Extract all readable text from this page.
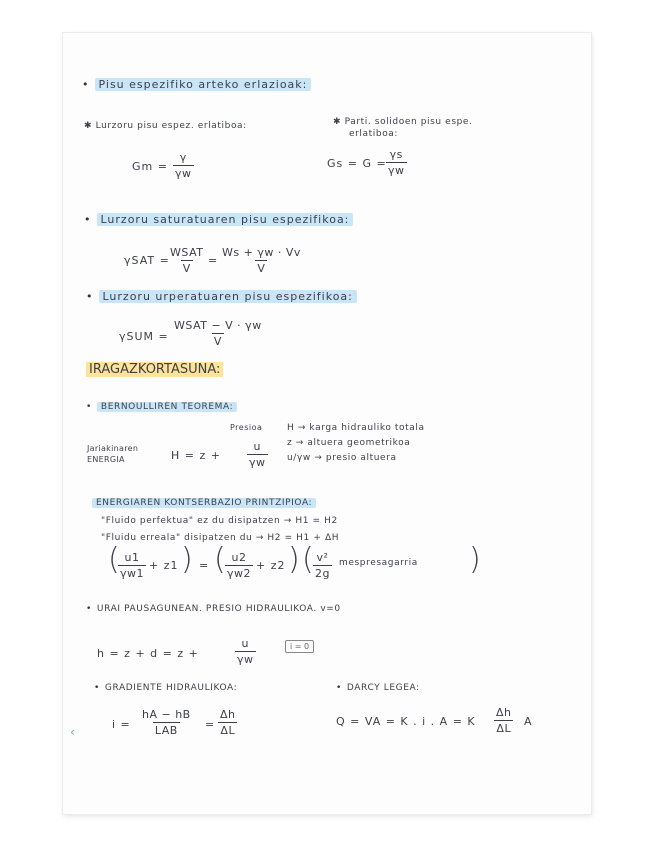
• Pisu espezifiko arteko erlazioak:
✱ Lurzoru pisu espez. erlatiboa:	✱ Parti. solidoen pisu espe.
erlatiboa:
$Gm = \frac{\gamma}{\gamma w}$	$Gs = G = \frac{\gamma s}{\gamma w}$
• Lurzoru saturatuaren pisu espezifikoa:
γSAT =
WSAT
V
= $\frac{Ws + \gamma w \cdot Vv}{V}$
• Lurzoru urperatuaren pisu espezifikoa:
γSUM =
WSAT − V · γw
V
IRAGAZKORTASUNA:
• BERNOULLIREN TEOREMA:
Presioa
Jariakinaren
ENERGIA	$H = z + \frac{u}{\gamma w}$
H → karga hidrauliko totala
z → altuera geometrikoa
u/γw → presio altuera
ENERGIAREN KONTSERBAZIO PRINTZIPIOA:
"Fluido perfektua" ez du disipatzen → H1 = H2
"Fluidu erreala" disipatzen du → H2 = H1 + ΔH
(
$\frac{u1}{\gamma w1} + z1$ ) = ( $\frac{u2}{\gamma w2} + z2$ ) ( $\frac{\text{v²}}{2g}$ mespresagarria )
• URAI PAUSAGUNEAN. PRESIO HIDRAULIKOA. v=0
h = z + d = z +	$\frac{u}{\gamma w}$	i = 0
• GRADIENTE HIDRAULIKOA:
•	DARCY LEGEA:
i =
hA − hB
LAB = $\frac{\Delta h}{\Delta L}$	Q = VA = K . i . A = K $\frac{\Delta h}{\Delta L}$ A
‹
